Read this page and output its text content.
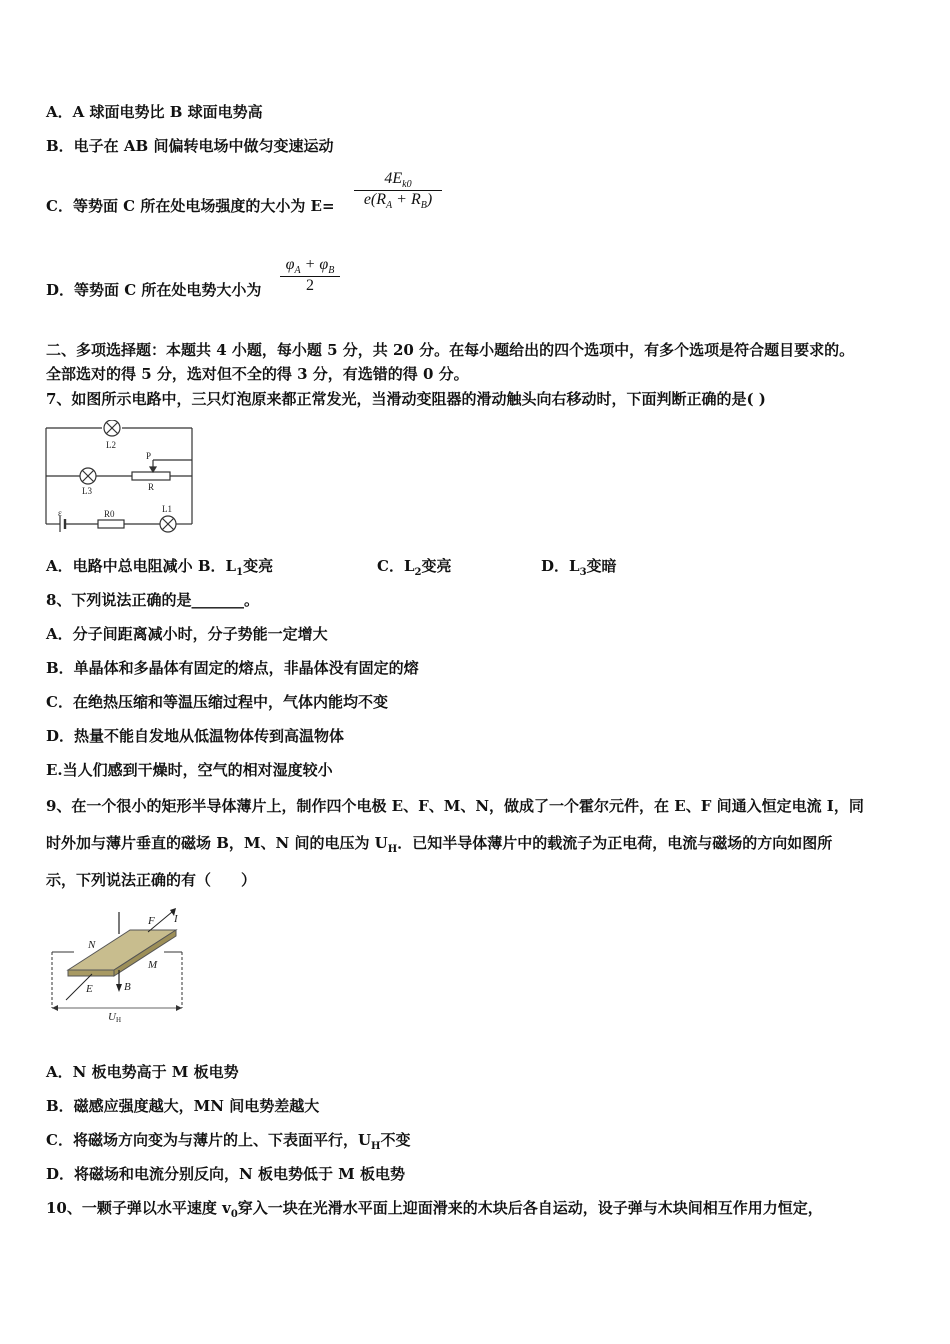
A．A 球面电势比 B 球面电势高
B．电子在 AB 间偏转电场中做匀变速运动
C．等势面 C 所在处电场强度的大小为 E=
$4E_{k0}$
$e(R_A + R_B)$
D．等势面 C 所在处电势大小为
$\varphi_A + \varphi_B$
2
二、多项选择题：本题共 4 小题，每小题 5 分，共 20 分。在每小题给出的四个选项中，有多个选项是符合题目要求的。
全部选对的得 5 分，选对但不全的得 3 分，有选错的得 0 分。
7、如图所示电路中，三只灯泡原来都正常发光，当滑动变阻器的滑动触头向右移动时，下面判断正确的是( )
L2
L3
P
R
ε	R0	L1
A．电路中总电阻减小 B．$L_1$变亮	C．$L_2$变亮	D．$L_3$变暗
8、下列说法正确的是_______。
A．分子间距离减小时，分子势能一定增大
B．单晶体和多晶体有固定的熔点，非晶体没有固定的熔
C．在绝热压缩和等温压缩过程中，气体内能均不变
D．热量不能自发地从低温物体传到高温物体
E.当人们感到干燥时，空气的相对湿度较小
9、在一个很小的矩形半导体薄片上，制作四个电极 E、F、M、N，做成了一个霍尔元件，在 E、F 间通入恒定电流 I，同
时外加与薄片垂直的磁场 B，M、N 间的电压为 $U_H$．已知半导体薄片中的载流子为正电荷，电流与磁场的方向如图所
示，下列说法正确的有（　　）
F I
N
M
E	B
UH
A．N 板电势高于 M 板电势
B．磁感应强度越大，MN 间电势差越大
C．将磁场方向变为与薄片的上、下表面平行，$U_H$不变
D．将磁场和电流分别反向，N 板电势低于 M 板电势
10、一颗子弹以水平速度 $v_0$穿入一块在光滑水平面上迎面滑来的木块后各自运动，设子弹与木块间相互作用力恒定，
